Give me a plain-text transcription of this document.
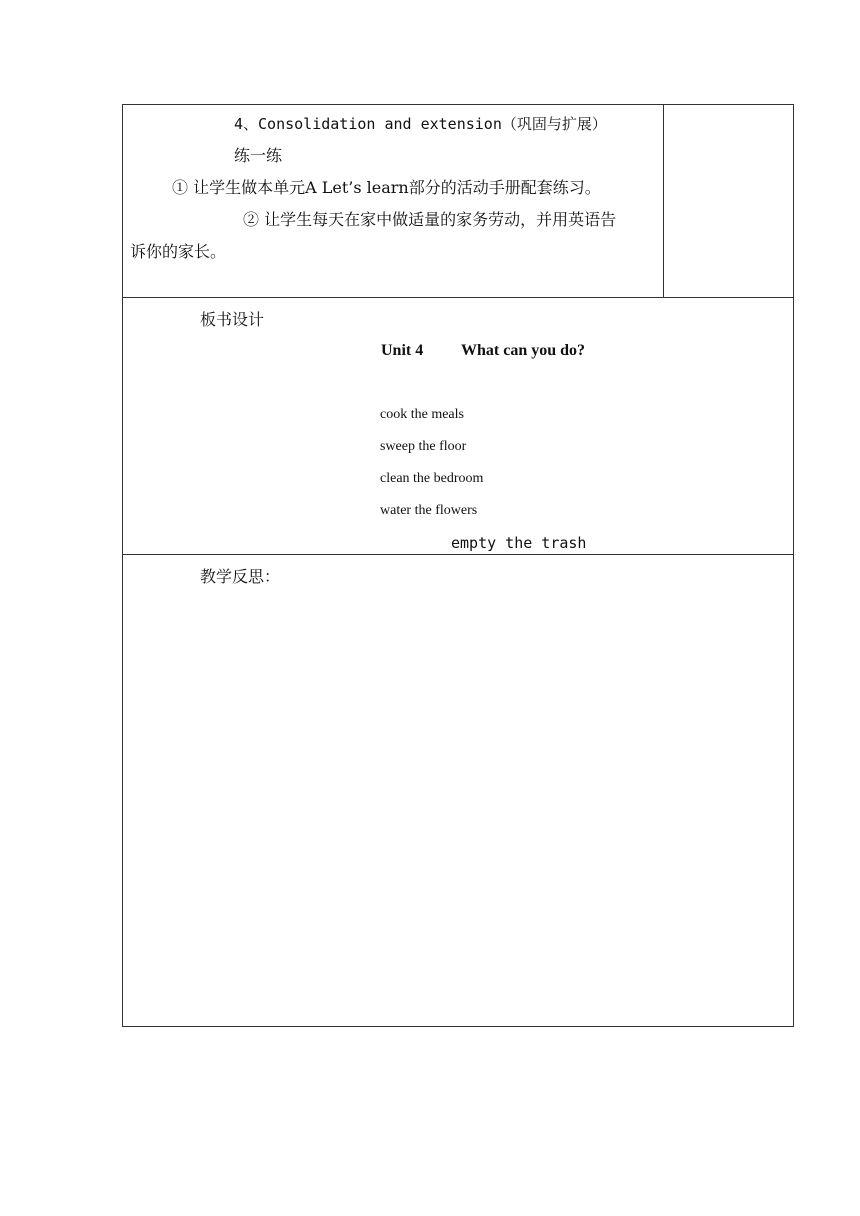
4、Consolidation and extension（巩固与扩展）
练一练
① 让学生做本单元A Let’s learn部分的活动手册配套练习。
② 让学生每天在家中做适量的家务劳动，并用英语告
诉你的家长。
板书设计
Unit 4 What can you do?
cook the meals
sweep the floor
clean the bedroom
water the flowers
empty the trash
教学反思：
